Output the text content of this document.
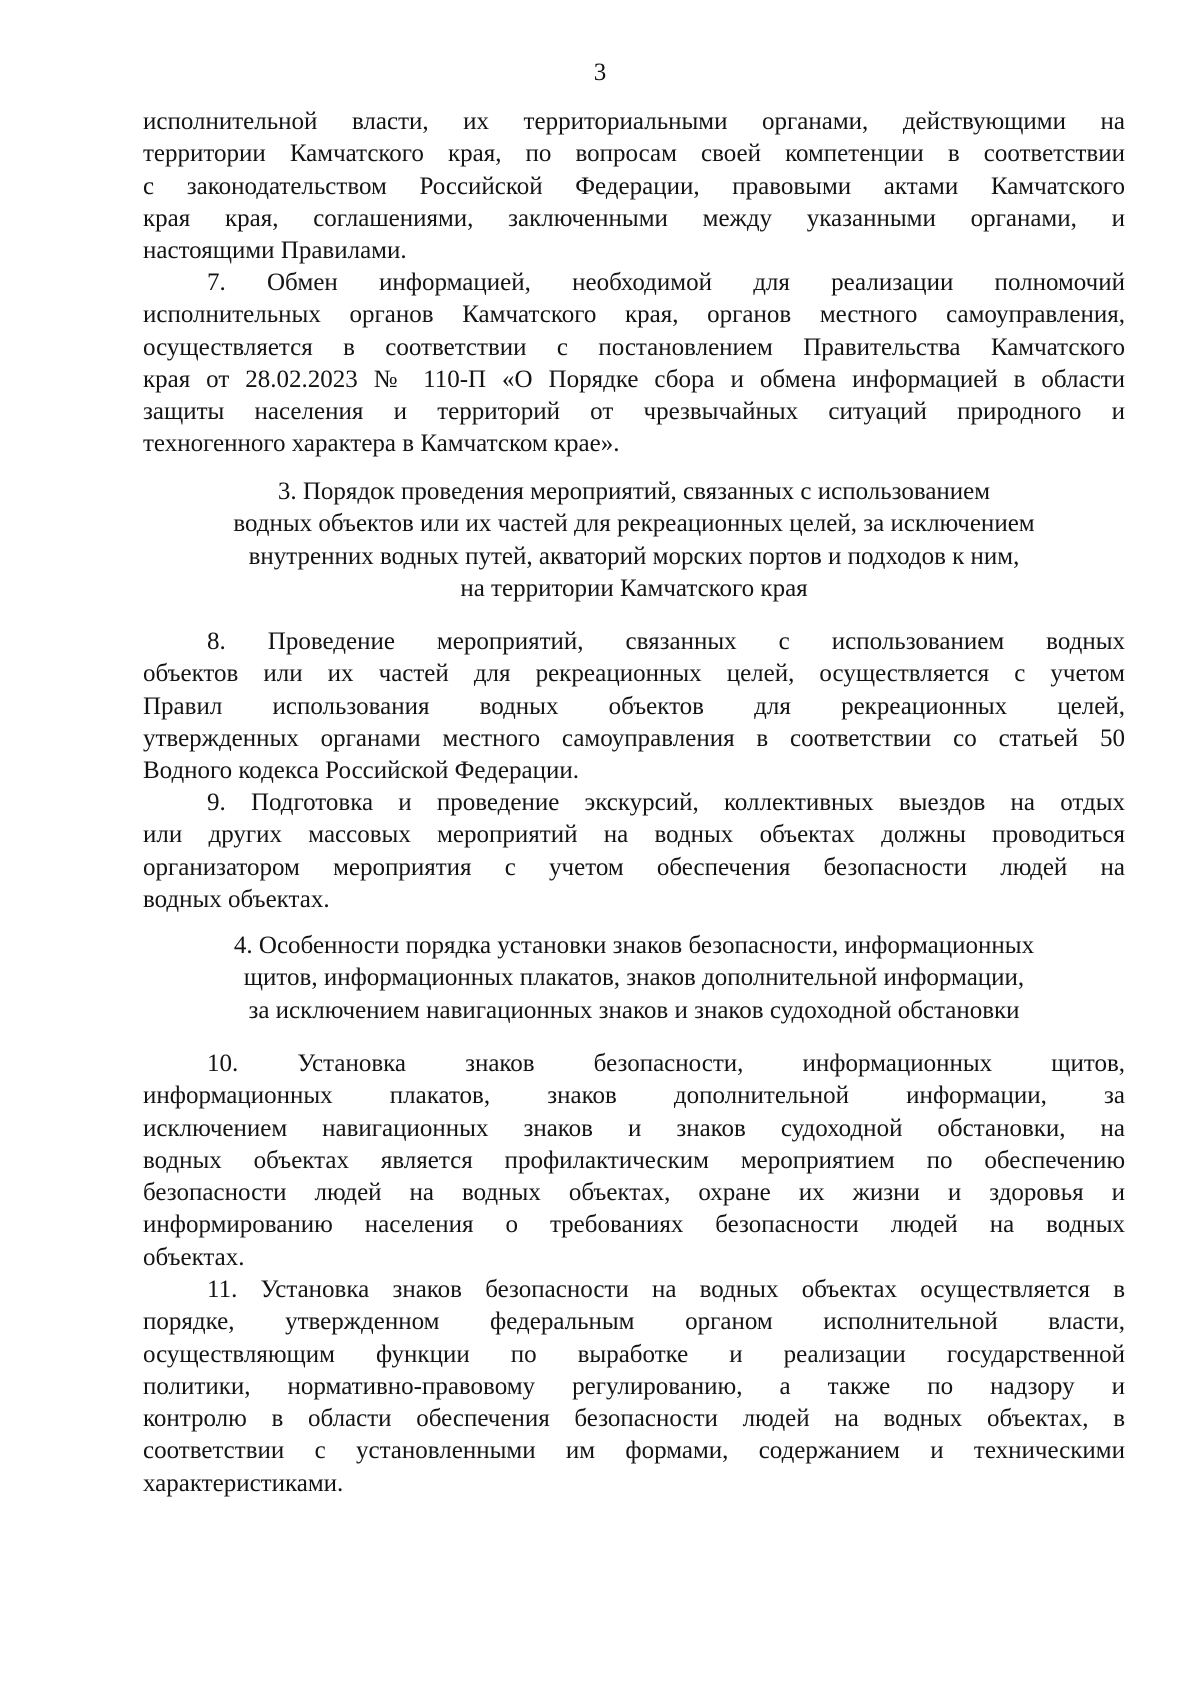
3
исполнительной власти, их территориальными органами, действующими на
территории Камчатского края, по вопросам своей компетенции в соответствии
с законодательством Российской Федерации, правовыми актами Камчатского
края края, соглашениями, заключенными между указанными органами, и
настоящими Правилами.
7. Обмен информацией, необходимой для реализации полномочий
исполнительных органов Камчатского края, органов местного самоуправления,
осуществляется в соответствии с постановлением Правительства Камчатского
края от 28.02.2023 № 110-П «О Порядке сбора и обмена информацией в области
защиты населения и территорий от чрезвычайных ситуаций природного и
техногенного характера в Камчатском крае».
3. Порядок проведения мероприятий, связанных с использованием
водных объектов или их частей для рекреационных целей, за исключением
внутренних водных путей, акваторий морских портов и подходов к ним,
на территории Камчатского края
8. Проведение мероприятий, связанных с использованием водных
объектов или их частей для рекреационных целей, осуществляется с учетом
Правил использования водных объектов для рекреационных целей,
утвержденных органами местного самоуправления в соответствии со статьей 50
Водного кодекса Российской Федерации.
9. Подготовка и проведение экскурсий, коллективных выездов на отдых
или других массовых мероприятий на водных объектах должны проводиться
организатором мероприятия с учетом обеспечения безопасности людей на
водных объектах.
4. Особенности порядка установки знаков безопасности, информационных
щитов, информационных плакатов, знаков дополнительной информации,
за исключением навигационных знаков и знаков судоходной обстановки
10. Установка знаков безопасности, информационных щитов,
информационных плакатов, знаков дополнительной информации, за
исключением навигационных знаков и знаков судоходной обстановки, на
водных объектах является профилактическим мероприятием по обеспечению
безопасности людей на водных объектах, охране их жизни и здоровья и
информированию населения о требованиях безопасности людей на водных
объектах.
11. Установка знаков безопасности на водных объектах осуществляется в
порядке, утвержденном федеральным органом исполнительной власти,
осуществляющим функции по выработке и реализации государственной
политики, нормативно-правовому регулированию, а также по надзору и
контролю в области обеспечения безопасности людей на водных объектах, в
соответствии с установленными им формами, содержанием и техническими
характеристиками.
